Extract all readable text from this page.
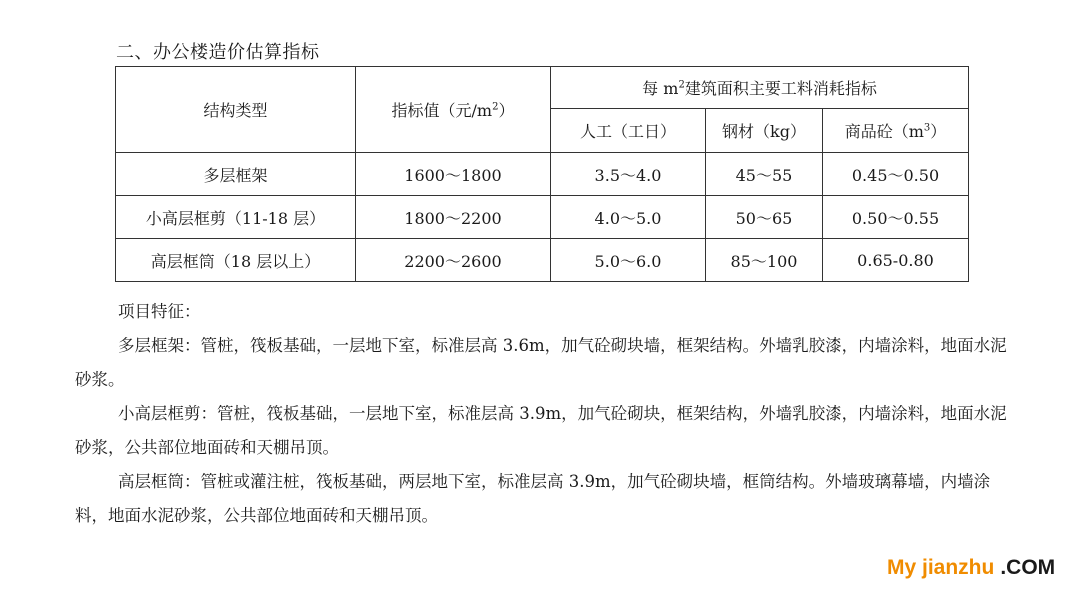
二、办公楼造价估算指标
结构类型	指标值（元$/m^2$）	每 $m^2$建筑面积主要工料消耗指标		
		人工（工日）	钢材（kg）	商品砼$(m^3)$
多层框架	1600～1800	3.5～4.0	45～55	0.45～0.50
小高层框剪（11-18 层）	1800～2200	4.0～5.0	50～65	0.50～0.55
高层框筒（18 层以上）	2200～2600	5.0～6.0	85～100	0.65-0.80

项目特征：

多层框架：管桩，筏板基础，一层地下室，标准层高 3.6m，加气砼砌块墙，框架结构。外墙乳胶漆，内墙涂料，地面水泥砂浆。

小高层框剪：管桩，筏板基础，一层地下室，标准层高 3.9m，加气砼砌块，框架结构，外墙乳胶漆，内墙涂料，地面水泥砂浆，公共部位地面砖和天棚吊顶。

高层框筒：管桩或灌注桩，筏板基础，两层地下室，标准层高 3.9m，加气砼砌块墙，框筒结构。外墙玻璃幕墙，内墙涂料，地面水泥砂浆，公共部位地面砖和天棚吊顶。

My jianzhu .COM
